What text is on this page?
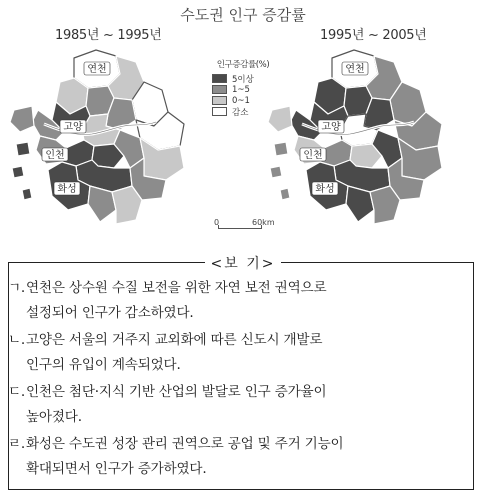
수도권 인구 증감률
1985년 ~ 1995년	1995년 ~ 2005년
연천
고양
인천
화성
연천
고양
인천
화성
인구증감률(%)
5이상
1~5
0~1
감소
0	60km
<보 기>
ㄱ. 연천은 상수원 수질 보전을 위한 자연 보전 권역으로
설정되어 인구가 감소하였다.
ㄴ. 고양은 서울의 거주지 교외화에 따른 신도시 개발로
인구의 유입이 계속되었다.
ㄷ. 인천은 첨단·지식 기반 산업의 발달로 인구 증가율이
높아졌다.
ㄹ. 화성은 수도권 성장 관리 권역으로 공업 및 주거 기능이
확대되면서 인구가 증가하였다.
